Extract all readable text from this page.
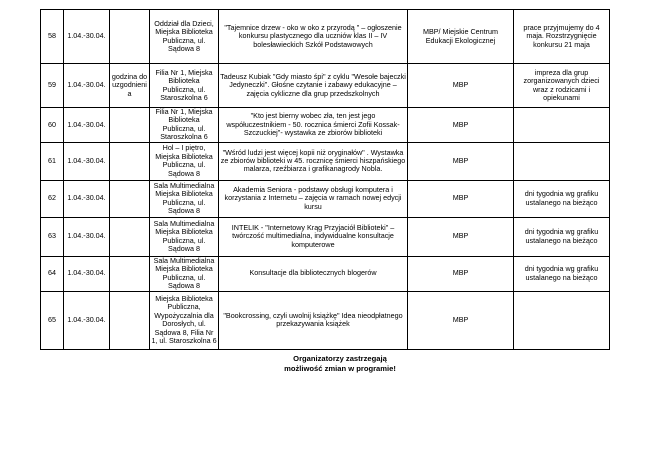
58	1.04.-30.04.		Oddział dla Dzieci, Miejska Biblioteka Publiczna, ul. Sądowa 8	"Tajemnice drzew - oko w oko z przyrodą " – ogłoszenie konkursu plastycznego dla uczniów klas II – IV bolesławieckich Szkół Podstawowych	MBP/ Miejskie Centrum Edukacji Ekologicznej	prace przyjmujemy do 4 maja. Rozstrzygnięcie konkursu 21 maja
59	1.04.-30.04.	godzina do uzgodnienia	Filia Nr 1, Miejska Biblioteka Publiczna, ul. Staroszkolna 6	Tadeusz Kubiak "Gdy miasto śpi" z cyklu "Wesołe bajeczki Jedyneczki". Głośne czytanie i zabawy edukacyjne – zajęcia cykliczne dla grup przedszkolnych	MBP	impreza dla grup zorganizowanych dzieci wraz z rodzicami i opiekunami
60	1.04.-30.04.		Filia Nr 1, Miejska Biblioteka Publiczna, ul. Staroszkolna 6	"Kto jest bierny wobec zła, ten jest jego współuczestnikiem - 50. rocznica śmierci Zofii Kossak-Szczuckiej"- wystawka ze zbiorów biblioteki	MBP	
61	1.04.-30.04.		Hol – I piętro, Miejska Biblioteka Publiczna, ul. Sądowa 8	"Wśród ludzi jest więcej kopii niż oryginałów" . Wystawka ze zbiorów biblioteki w 45. rocznicę śmierci hiszpańskiego malarza, rzeźbiarza i grafikanagrody Nobla.	MBP	
62	1.04.-30.04.		Sala Multimedialna Miejska Biblioteka Publiczna, ul. Sądowa 8	Akademia Seniora - podstawy obsługi komputera i korzystania z Internetu – zajęcia w ramach nowej edycji kursu	MBP	dni tygodnia wg grafiku ustalanego na bieżąco
63	1.04.-30.04.		Sala Multimedialna Miejska Biblioteka Publiczna, ul. Sądowa 8	INTELIK - "Internetowy Krąg Przyjaciół Biblioteki" – twórczość multimedialna, indywidualne konsultacje komputerowe	MBP	dni tygodnia wg grafiku ustalanego na bieżąco
64	1.04.-30.04.		Sala Multimedialna Miejska Biblioteka Publiczna, ul. Sądowa 8	Konsultacje dla bibliotecznych blogerów	MBP	dni tygodnia wg grafiku ustalanego na bieżąco
65	1.04.-30.04.		Miejska Biblioteka Publiczna, Wypożyczalnia dla Dorosłych, ul. Sądowa 8, Filia Nr 1, ul. Staroszkolna 6	"Bookcrossing, czyli uwolnij książkę" Idea nieodpłatnego przekazywania książek	MBP	
Organizatorzy zastrzegają
możliwość zmian w programie!
